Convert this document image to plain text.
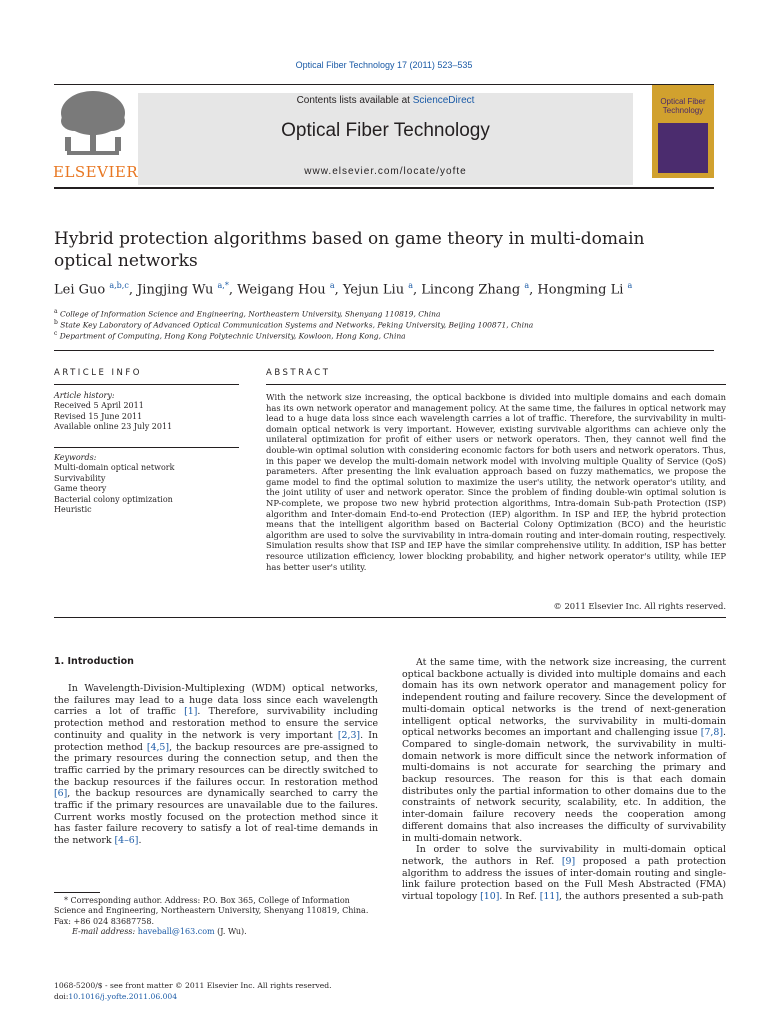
Optical Fiber Technology 17 (2011) 523–535
ELSEVIER
Contents lists available at ScienceDirect
Optical Fiber Technology
www.elsevier.com/locate/yofte
Optical Fiber Technology
Hybrid protection algorithms based on game theory in multi-domain optical networks
Lei Guo $^{a,b,c}$, Jingjing Wu $^{a,*}$, Weigang Hou $^a$, Yejun Liu $^a$, Lincong Zhang $^a$, Hongming Li $^a$
$^a$ College of Information Science and Engineering, Northeastern University, Shenyang 110819, China
$^b$ State Key Laboratory of Advanced Optical Communication Systems and Networks, Peking University, Beijing 100871, China
$^c$ Department of Computing, Hong Kong Polytechnic University, Kowloon, Hong Kong, China
ARTICLE INFO
Article history:
Received 5 April 2011
Revised 15 June 2011
Available online 23 July 2011
Keywords:
Multi-domain optical network
Survivability
Game theory
Bacterial colony optimization
Heuristic
ABSTRACT
With the network size increasing, the optical backbone is divided into multiple domains and each domain has its own network operator and management policy. At the same time, the failures in optical network may lead to a huge data loss since each wavelength carries a lot of traffic. Therefore, the survivability in multi-domain optical network is very important. However, existing survivable algorithms can achieve only the unilateral optimization for profit of either users or network operators. Then, they cannot well find the double-win optimal solution with considering economic factors for both users and network operators. Thus, in this paper we develop the multi-domain network model with involving multiple Quality of Service (QoS) parameters. After presenting the link evaluation approach based on fuzzy mathematics, we propose the game model to find the optimal solution to maximize the user's utility, the network operator's utility, and the joint utility of user and network operator. Since the problem of finding double-win optimal solution is NP-complete, we propose two new hybrid protection algorithms, Intra-domain Sub-path Protection (ISP) algorithm and Inter-domain End-to-end Protection (IEP) algorithm. In ISP and IEP, the hybrid protection means that the intelligent algorithm based on Bacterial Colony Optimization (BCO) and the heuristic algorithm are used to solve the survivability in intra-domain routing and inter-domain routing, respectively. Simulation results show that ISP and IEP have the similar comprehensive utility. In addition, ISP has better resource utilization efficiency, lower blocking probability, and higher network operator's utility, while IEP has better user's utility.
© 2011 Elsevier Inc. All rights reserved.
1. Introduction

In Wavelength-Division-Multiplexing (WDM) optical networks, the failures may lead to a huge data loss since each wavelength carries a lot of traffic [1]. Therefore, survivability including protection method and restoration method to ensure the service continuity and quality in the network is very important [2,3]. In protection method [4,5], the backup resources are pre-assigned to the primary resources during the connection setup, and then the traffic carried by the primary resources can be directly switched to the backup resources if the failures occur. In restoration method [6], the backup resources are dynamically searched to carry the traffic if the primary resources are unavailable due to the failures. Current works mostly focused on the protection method since it has faster failure recovery to satisfy a lot of real-time demands in the network [4–6].

At the same time, with the network size increasing, the current optical backbone actually is divided into multiple domains and each domain has its own network operator and management policy for independent routing and failure recovery. Since the development of multi-domain optical networks is the trend of next-generation intelligent optical networks, the survivability in multi-domain optical networks becomes an important and challenging issue [7,8]. Compared to single-domain network, the survivability in multi-domain network is more difficult since the network information of multi-domains is not accurate for searching the primary and backup resources. The reason for this is that each domain distributes only the partial information to other domains due to the constraints of network security, scalability, etc. In addition, the inter-domain failure recovery needs the cooperation among different domains that also increases the difficulty of survivability in multi-domain network.

In order to solve the survivability in multi-domain optical network, the authors in Ref. [9] proposed a path protection algorithm to address the issues of inter-domain routing and single-link failure protection based on the Full Mesh Abstracted (FMA) virtual topology [10]. In Ref. [11], the authors presented a sub-path

* Corresponding author. Address: P.O. Box 365, College of Information Science and Engineering, Northeastern University, Shenyang 110819, China. Fax: +86 024 83687758.

E-mail address: haveball@163.com (J. Wu).

1068-5200/$ - see front matter © 2011 Elsevier Inc. All rights reserved.
doi:10.1016/j.yofte.2011.06.004
